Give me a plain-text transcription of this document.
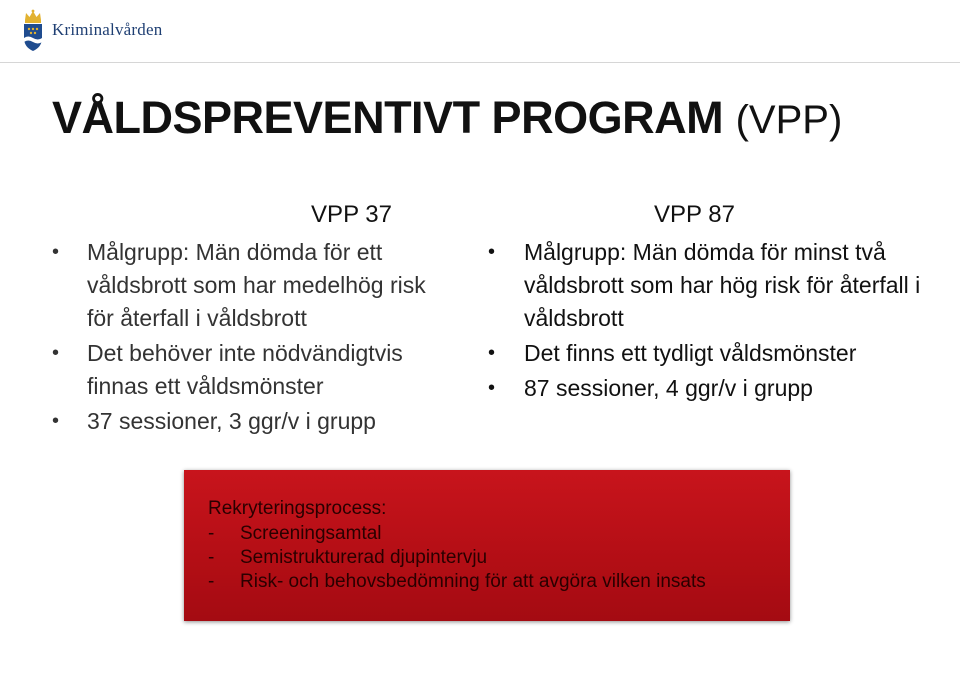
Kriminalvården
VÅLDSPREVENTIVT PROGRAM (VPP)
VPP 37
• Målgrupp: Män dömda för ett våldsbrott som har medelhög risk för återfall i våldsbrott
• Det behöver inte nödvändigtvis finnas ett våldsmönster
• 37 sessioner, 3 ggr/v i grupp
VPP 87
• Målgrupp: Män dömda för minst två våldsbrott som har hög risk för återfall i våldsbrott
• Det finns ett tydligt våldsmönster
• 87 sessioner, 4 ggr/v i grupp
Rekryteringsprocess:
- Screeningsamtal
- Semistrukturerad djupintervju
- Risk- och behovsbedömning för att avgöra vilken insats
